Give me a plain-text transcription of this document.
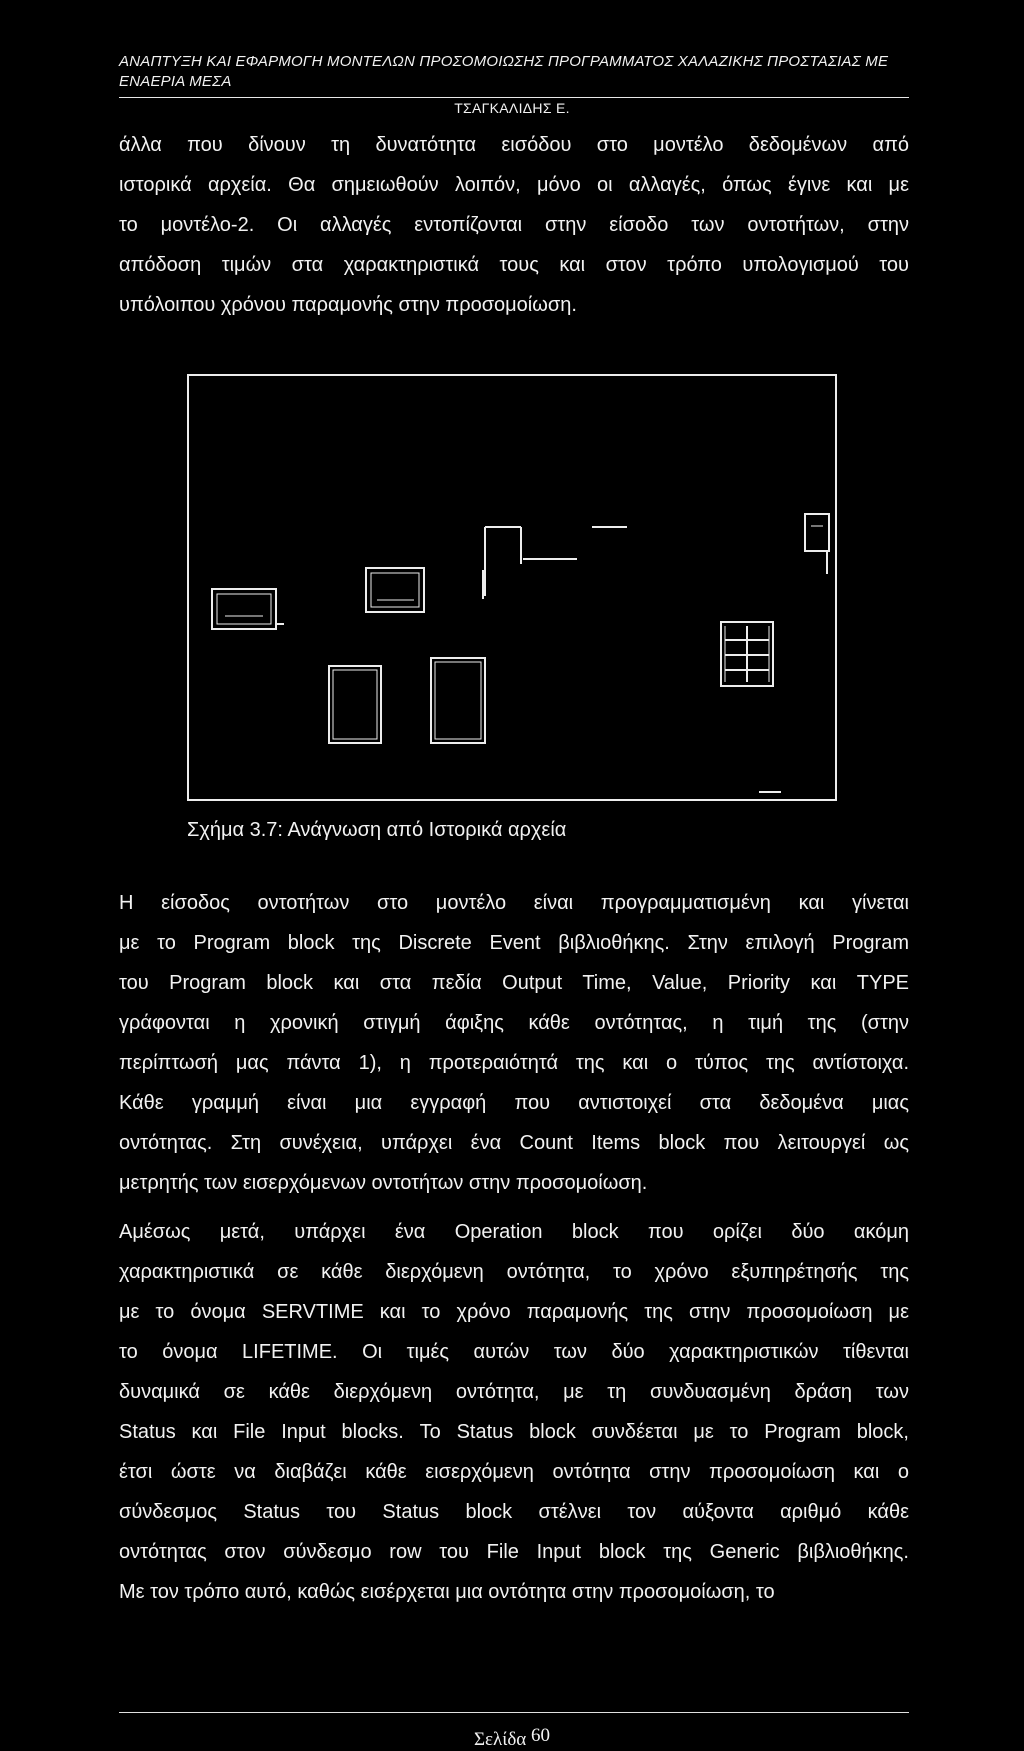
ΑΝΑΠΤΥΞΗ ΚΑΙ ΕΦΑΡΜΟΓΗ ΜΟΝΤΕΛΩΝ ΠΡΟΣΟΜΟΙΩΣΗΣ ΠΡΟΓΡΑΜΜΑΤΟΣ ΧΑΛΑΖΙΚΗΣ ΠΡΟΣΤΑΣΙΑΣ ΜΕ ΕΝΑΕΡΙΑ ΜΕΣΑ
ΤΣΑΓΚΑΛΙΔΗΣ Ε.
άλλα που δίνουν τη δυνατότητα εισόδου στο μοντέλο δεδομένων από
ιστορικά αρχεία. Θα σημειωθούν λοιπόν, μόνο οι αλλαγές, όπως έγινε και με
το μοντέλο-2. Οι αλλαγές εντοπίζονται στην είσοδο των οντοτήτων, στην
απόδοση τιμών στα χαρακτηριστικά τους και στον τρόπο υπολογισμού του
υπόλοιπου χρόνου παραμονής στην προσομοίωση.
Σχήμα 3.7: Ανάγνωση από Ιστορικά αρχεία
Η είσοδος οντοτήτων στο μοντέλο είναι προγραμματισμένη και γίνεται
με το Program block της Discrete Event βιβλιοθήκης. Στην επιλογή Program
του Program block και στα πεδία Output Time, Value, Priority και TYPE
γράφονται η χρονική στιγμή άφιξης κάθε οντότητας, η τιμή της (στην
περίπτωσή μας πάντα 1), η προτεραιότητά της και ο τύπος της αντίστοιχα.
Κάθε γραμμή είναι μια εγγραφή που αντιστοιχεί στα δεδομένα μιας
οντότητας. Στη συνέχεια, υπάρχει ένα Count Items block που λειτουργεί ως
μετρητής των εισερχόμενων οντοτήτων στην προσομοίωση.
Αμέσως μετά, υπάρχει ένα Operation block που ορίζει δύο ακόμη
χαρακτηριστικά σε κάθε διερχόμενη οντότητα, το χρόνο εξυπηρέτησής της
με το όνομα SERVTIME και το χρόνο παραμονής της στην προσομοίωση με
το όνομα LIFETIME. Οι τιμές αυτών των δύο χαρακτηριστικών τίθενται
δυναμικά σε κάθε διερχόμενη οντότητα, με τη συνδυασμένη δράση των
Status και File Input blocks. Το Status block συνδέεται με το Program block,
έτσι ώστε να διαβάζει κάθε εισερχόμενη οντότητα στην προσομοίωση και ο
σύνδεσμος Status του Status block στέλνει τον αύξοντα αριθμό κάθε
οντότητας στον σύνδεσμο row του File Input block της Generic βιβλιοθήκης.
Με τον τρόπο αυτό, καθώς εισέρχεται μια οντότητα στην προσομοίωση, το
Σελίδα $^{60}$
